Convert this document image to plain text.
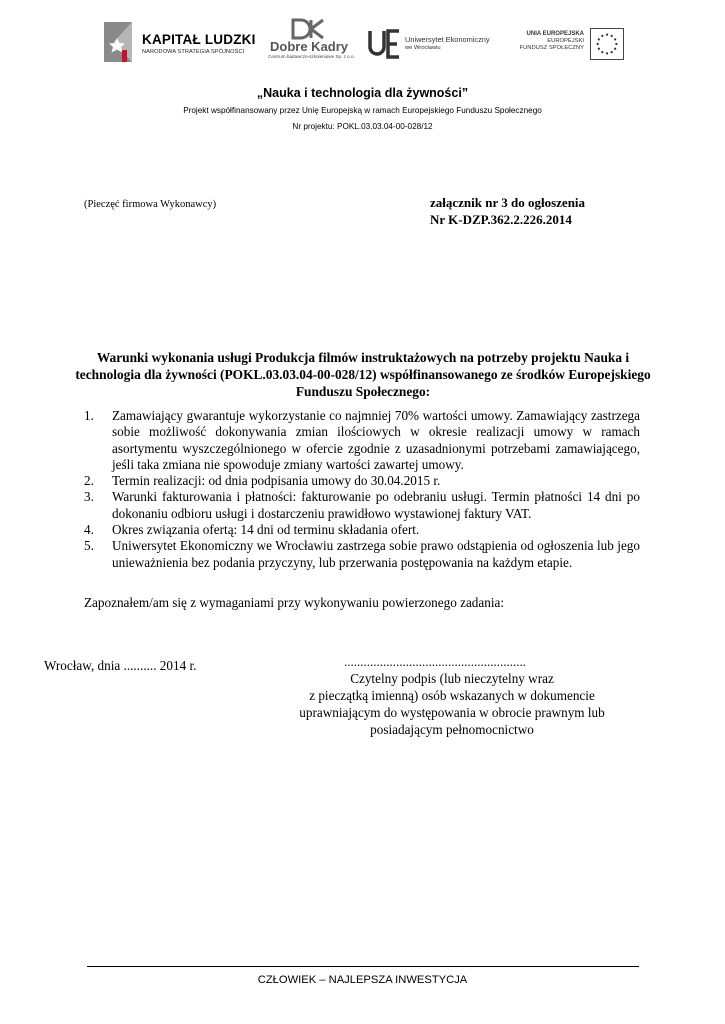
KAPITAŁ LUDZKI
NARODOWA STRATEGIA SPÓJNOŚCI Dobre Kadry
Centrum badawczo-szkoleniowe Sp. z o.o.
Uniwersytet Ekonomiczny
we Wrocławiu
UNIA EUROPEJSKA
EUROPEJSKI
FUNDUSZ SPOŁECZNY
„Nauka i technologia dla żywności”
Projekt współfinansowany przez Unię Europejską w ramach Europejskiego Funduszu Społecznego
Nr projektu: POKL.03.03.04-00-028/12
(Pieczęć firmowa Wykonawcy)	załącznik nr 3 do ogłoszenia
Nr K-DZP.362.2.226.2014
Warunki wykonania usługi Produkcja filmów instruktażowych na potrzeby projektu Nauka i technologia dla żywności (POKL.03.03.04-00-028/12) współfinansowanego ze środków Europejskiego Funduszu Społecznego:
1. Zamawiający gwarantuje wykorzystanie co najmniej 70% wartości umowy. Zamawiający zastrzega sobie możliwość dokonywania zmian ilościowych w okresie realizacji umowy w ramach asortymentu wyszczególnionego w ofercie zgodnie z uzasadnionymi potrzebami zamawiającego, jeśli taka zmiana nie spowoduje zmiany wartości zawartej umowy.
2. Termin realizacji: od dnia podpisania umowy do 30.04.2015 r.
3. Warunki fakturowania i płatności: fakturowanie po odebraniu usługi. Termin płatności 14 dni po dokonaniu odbioru usługi i dostarczeniu prawidłowo wystawionej faktury VAT.
4. Okres związania ofertą: 14 dni od terminu składania ofert.
5. Uniwersytet Ekonomiczny we Wrocławiu zastrzega sobie prawo odstąpienia od ogłoszenia lub jego unieważnienia bez podania przyczyny, lub przerwania postępowania na każdym etapie.
Zapoznałem/am się z wymaganiami przy wykonywaniu powierzonego zadania:
Wrocław, dnia .......... 2014 r.	........................................................
Czytelny podpis (lub nieczytelny wraz
z pieczątką imienną) osób wskazanych w dokumencie
uprawniającym do występowania w obrocie prawnym lub
posiadającym pełnomocnictwo
CZŁOWIEK – NAJLEPSZA INWESTYCJA
